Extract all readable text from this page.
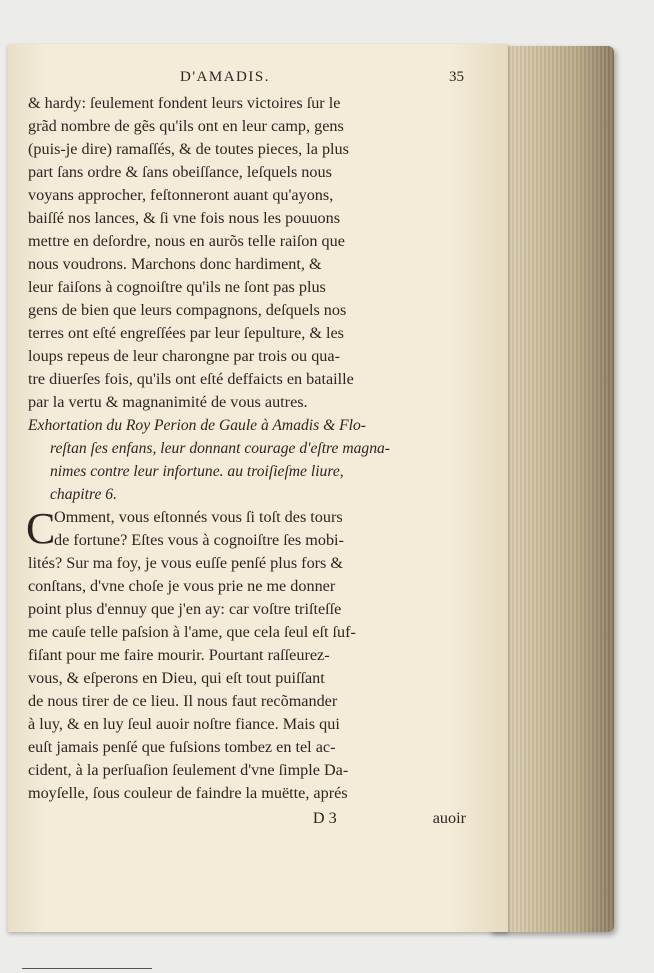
D'AMADIS.	35
& hardy: ſeulement fondent leurs victoires ſur le
grãd nombre de gẽs qu'ils ont en leur camp, gens
(puis-je dire) ramaſſés, & de toutes pieces, la plus
part ſans ordre & ſans obeiſſance, leſquels nous
voyans approcher, feſtonneront auant qu'ayons,
baiſſé nos lances, & ſi vne fois nous les pouuons
mettre en deſordre, nous en aurõs telle raiſon que
nous voudrons. Marchons donc hardiment, &
leur faiſons à cognoiſtre qu'ils ne ſont pas plus
gens de bien que leurs compagnons, deſquels nos
terres ont eſté engreſſées par leur ſepulture, & les
loups repeus de leur charongne par trois ou qua-
tre diuerſes fois, qu'ils ont eſté deffaicts en bataille
par la vertu & magnanimité de vous autres.
Exhortation du Roy Perion de Gaule à Amadis & Flo-
reſtan ſes enfans, leur donnant courage d'eſtre magna-
nimes contre leur infortune. au troiſieſme liure,
chapitre 6.
C
Omment, vous eſtonnés vous ſi toſt des tours
de fortune? Eſtes vous à cognoiſtre ſes mobi-
lités? Sur ma foy, je vous euſſe penſé plus fors &
conſtans, d'vne choſe je vous prie ne me donner
point plus d'ennuy que j'en ay: car voſtre triſteſſe
me cauſe telle paſsion à l'ame, que cela ſeul eſt ſuf-
fiſant pour me faire mourir. Pourtant raſſeurez-
vous, & eſperons en Dieu, qui eſt tout puiſſant
de nous tirer de ce lieu. Il nous faut recõmander
à luy, & en luy ſeul auoir noſtre fiance. Mais qui
euſt jamais penſé que fuſsions tombez en tel ac-
cident, à la perſuaſion ſeulement d'vne ſimple Da-
moyſelle, ſous couleur de faindre la muëtte, aprés
D 3	auoir
